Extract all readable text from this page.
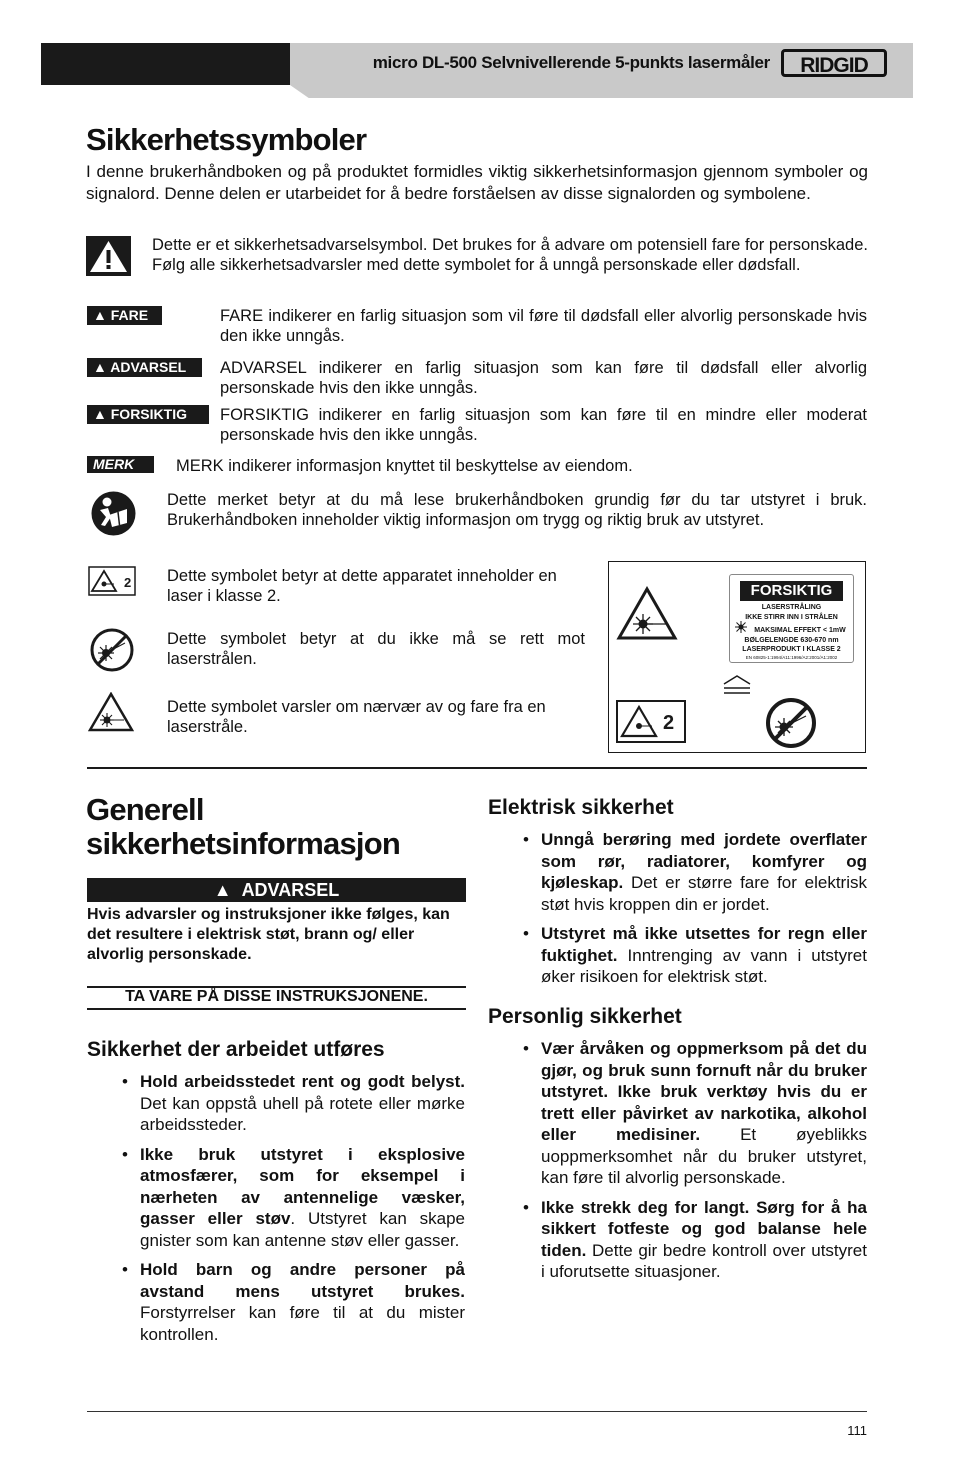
micro DL-500 Selvnivellerende 5-punkts lasermåler	RIDGID
Sikkerhetssymboler
I denne brukerhåndboken og på produktet formidles viktig sikkerhetsinformasjon gjennom symboler og signalord. Denne delen er utarbeidet for å bedre forståelsen av disse signalorden og symbolene.
Dette er et sikkerhetsadvarselsymbol. Det brukes for å advare om potensiell fare for personskade. Følg alle sikkerhetsadvarsler med dette symbolet for å unngå personskade eller dødsfall.
▲ FARE	FARE indikerer en farlig situasjon som vil føre til dødsfall eller alvorlig personskade hvis den ikke unngås.
▲ ADVARSEL	ADVARSEL indikerer en farlig situasjon som kan føre til dødsfall eller alvorlig personskade hvis den ikke unngås.
▲ FORSIKTIG	FORSIKTIG indikerer en farlig situasjon som kan føre til en mindre eller moderat personskade hvis den ikke unngås.
MERK	MERK indikerer informasjon knyttet til beskyttelse av eiendom.
Dette merket betyr at du må lese brukerhåndboken grundig før du tar utstyret i bruk. Brukerhåndboken inneholder viktig informasjon om trygg og riktig bruk av utstyret.
2 Dette symbolet betyr at dette apparatet inneholder en laser i klasse 2.
Dette symbolet betyr at du ikke må se rett mot laserstrålen.
Dette symbolet varsler om nærvær av og fare fra en laserstråle.
FORSIKTIG
LASERSTRÅLING
IKKE STIRR INN I STRÅLEN
MAKSIMAL EFFEKT < 1mW
BØLGELENGDE 630-670 nm
LASERPRODUKT I KLASSE 2
EN 60825-1:1994/A11:1996/A2:2001/A1:2002
2
Generell
sikkerhetsinformasjon
▲  ADVARSEL
Hvis advarsler og instruksjoner ikke følges, kan det resultere i elektrisk støt, brann og/ eller alvorlig personskade.
TA VARE PÅ DISSE INSTRUKSJONENE.
Sikkerhet der arbeidet utføres
• Hold arbeidsstedet rent og godt belyst. Det kan oppstå uhell på rotete eller mørke arbeidssteder.
• Ikke bruk utstyret i eksplosive atmosfærer, som for eksempel i nærheten av antennelige væsker, gasser eller støv. Utstyret kan skape gnister som kan antenne støv eller gasser.
• Hold barn og andre personer på avstand mens utstyret brukes. Forstyrrelser kan føre til at du mister kontrollen.
Elektrisk sikkerhet
• Unngå berøring med jordete overflater som rør, radiatorer, komfyrer og kjøleskap. Det er større fare for elektrisk støt hvis kroppen din er jordet.
• Utstyret må ikke utsettes for regn eller fuktighet. Inntrenging av vann i utstyret øker risikoen for elektrisk støt.
Personlig sikkerhet
• Vær årvåken og oppmerksom på det du gjør, og bruk sunn fornuft når du bruker utstyret. Ikke bruk verktøy hvis du er trett eller påvirket av narkotika, alkohol eller medisiner. Et øyeblikks uoppmerksomhet når du bruker utstyret, kan føre til alvorlig personskade.
• Ikke strekk deg for langt. Sørg for å ha sikkert fotfeste og god balanse hele tiden. Dette gir bedre kontroll over utstyret i uforutsette situasjoner.
111
